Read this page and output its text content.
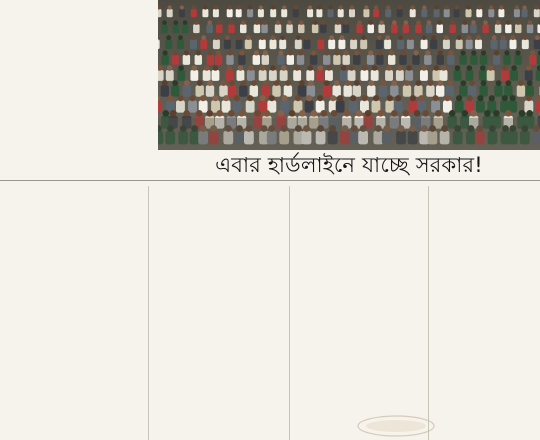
এবার হার্ডলাইনে যাচ্ছে সরকার!
